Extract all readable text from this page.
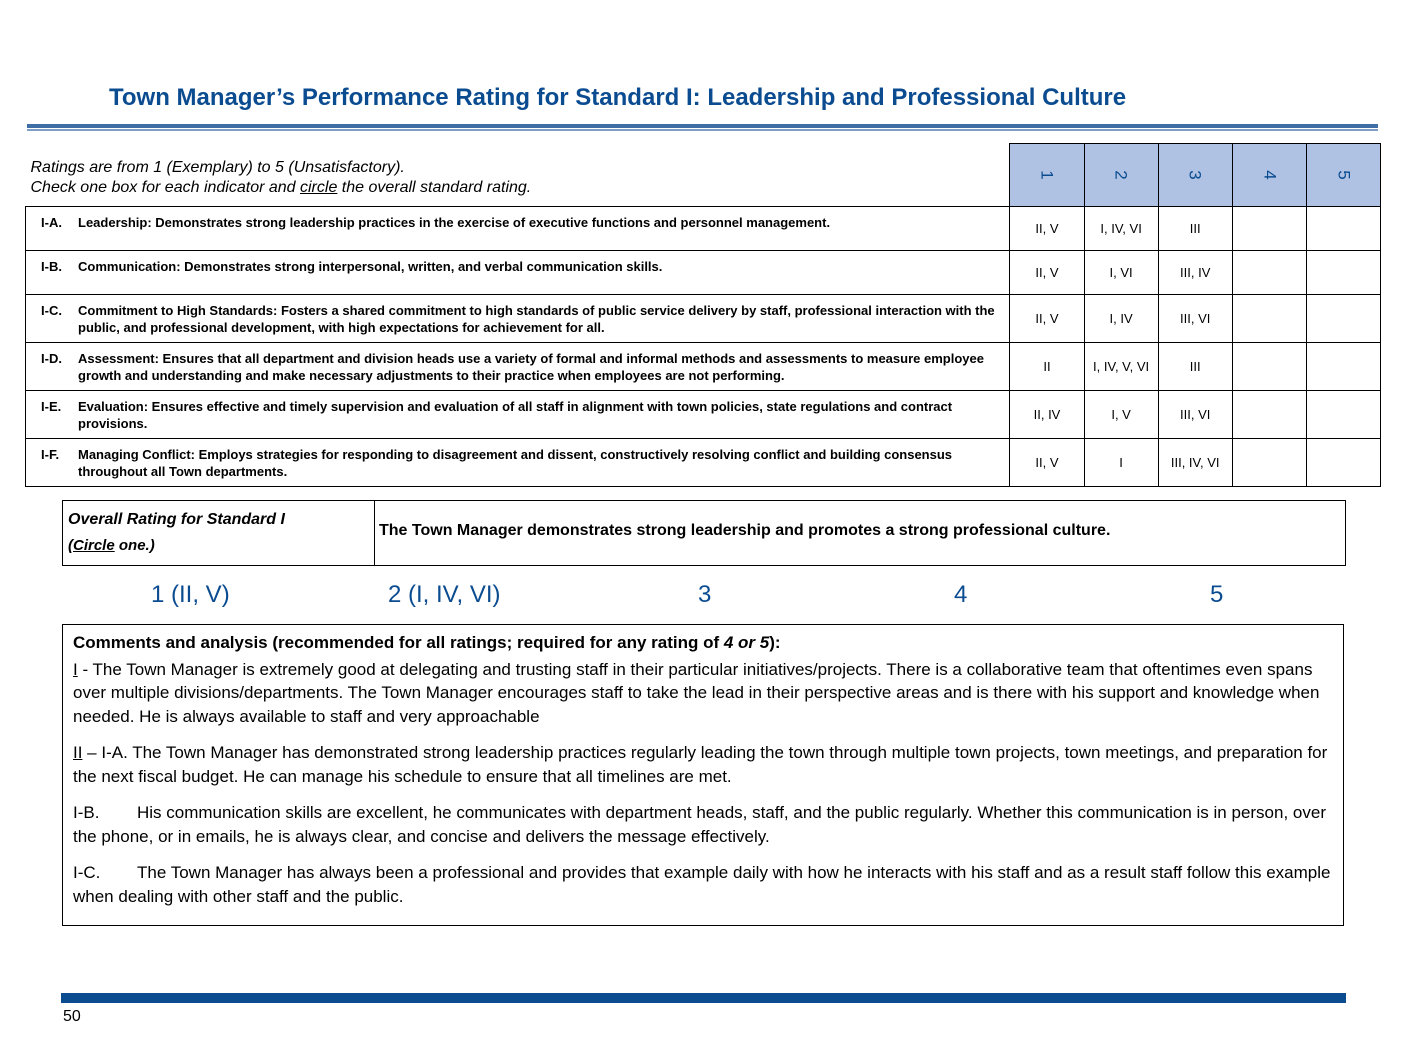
Town Manager’s Performance Rating for Standard I: Leadership and Professional Culture
Ratings are from 1 (Exemplary) to 5 (Unsatisfactory).
Check one box for each indicator and circle the overall standard rating.	1	2	3	4	5

I-A. Leadership: Demonstrates strong leadership practices in the exercise of executive functions and personnel management.	II, V	I, IV, VI	III		

I-B. Communication: Demonstrates strong interpersonal, written, and verbal communication skills.	II, V	I, VI	III, IV		

I-C. Commitment to High Standards: Fosters a shared commitment to high standards of public service delivery by staff, professional interaction with the public, and professional development, with high expectations for achievement for all.	II, V	I, IV	III, VI		

I-D. Assessment: Ensures that all department and division heads use a variety of formal and informal methods and assessments to measure employee growth and understanding and make necessary adjustments to their practice when employees are not performing.	II	I, IV, V, VI	III		

I-E. Evaluation: Ensures effective and timely supervision and evaluation of all staff in alignment with town policies, state regulations and contract provisions.	II, IV	I, V	III, VI		

I-F. Managing Conflict: Employs strategies for responding to disagreement and dissent, constructively resolving conflict and building consensus throughout all Town departments.	II, V	I	III, IV, VI		
Overall Rating for Standard I
(Circle one.)
The Town Manager demonstrates strong leadership and promotes a strong professional culture.
1 (II, V)	2 (I, IV, VI)	3	4	5
Comments and analysis (recommended for all ratings; required for any rating of 4 or 5):

I - The Town Manager is extremely good at delegating and trusting staff in their particular initiatives/projects. There is a collaborative team that oftentimes even spans over multiple divisions/departments. The Town Manager encourages staff to take the lead in their perspective areas and is there with his support and knowledge when needed. He is always available to staff and very approachable

II – I-A. The Town Manager has demonstrated strong leadership practices regularly leading the town through multiple town projects, town meetings, and preparation for the next fiscal budget. He can manage his schedule to ensure that all timelines are met.

I-B. His communication skills are excellent, he communicates with department heads, staff, and the public regularly. Whether this communication is in person, over the phone, or in emails, he is always clear, and concise and delivers the message effectively.

I-C. The Town Manager has always been a professional and provides that example daily with how he interacts with his staff and as a result staff follow this example when dealing with other staff and the public.

50
